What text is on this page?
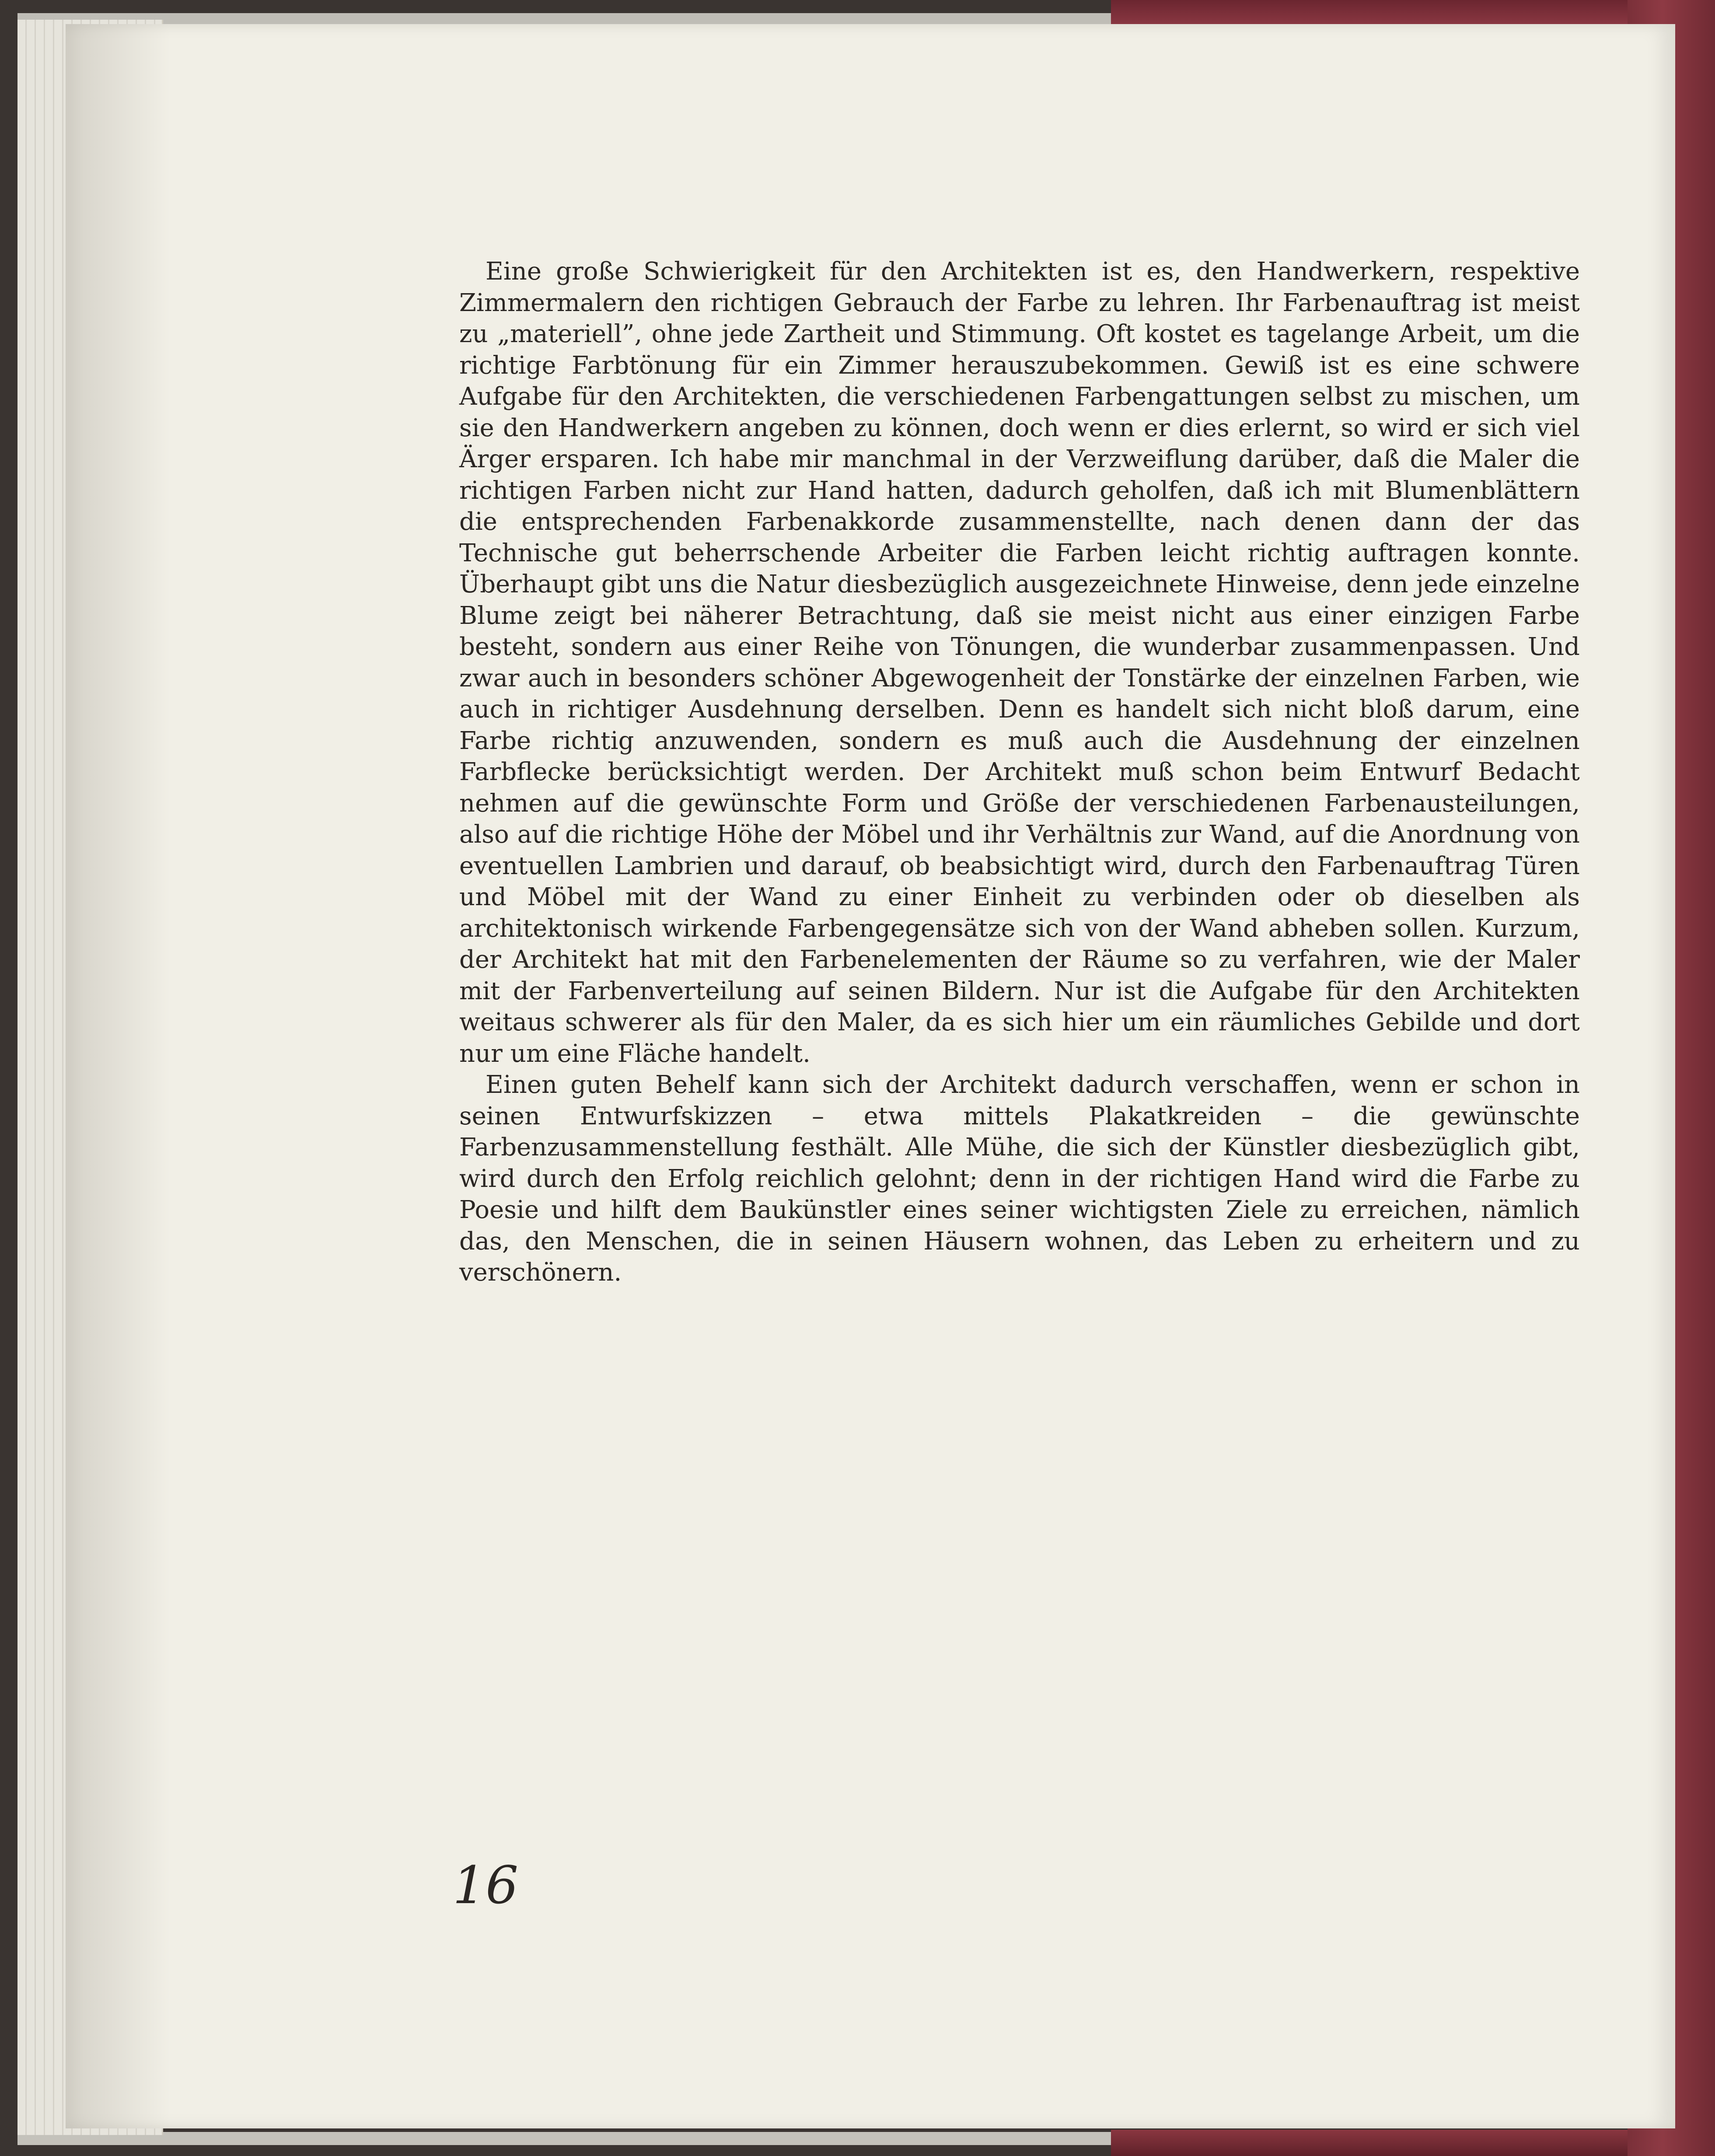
Eine große Schwierigkeit für den Architekten ist es, den Handwerkern, respektive Zimmermalern den richtigen Gebrauch der Farbe zu lehren. Ihr Farbenauftrag ist meist zu „materiell”, ohne jede Zartheit und Stimmung. Oft kostet es tagelange Arbeit, um die richtige Farbtönung für ein Zimmer herauszubekommen. Gewiß ist es eine schwere Aufgabe für den Architekten, die verschiedenen Farbengattungen selbst zu mischen, um sie den Handwerkern angeben zu können, doch wenn er dies erlernt, so wird er sich viel Ärger ersparen. Ich habe mir manchmal in der Verzweiflung darüber, daß die Maler die richtigen Farben nicht zur Hand hatten, dadurch geholfen, daß ich mit Blumenblättern die entsprechenden Farbenakkorde zusammenstellte, nach denen dann der das Technische gut beherrschende Arbeiter die Farben leicht richtig auftragen konnte. Überhaupt gibt uns die Natur diesbezüglich ausgezeichnete Hinweise, denn jede einzelne Blume zeigt bei näherer Betrachtung, daß sie meist nicht aus einer einzigen Farbe besteht, sondern aus einer Reihe von Tönungen, die wunderbar zusammenpassen. Und zwar auch in besonders schöner Abgewogenheit der Tonstärke der einzelnen Farben, wie auch in richtiger Ausdehnung derselben. Denn es handelt sich nicht bloß darum, eine Farbe richtig anzuwenden, sondern es muß auch die Ausdehnung der einzelnen Farbflecke berücksichtigt werden. Der Architekt muß schon beim Entwurf Bedacht nehmen auf die gewünschte Form und Größe der verschiedenen Farbenausteilungen, also auf die richtige Höhe der Möbel und ihr Verhältnis zur Wand, auf die Anordnung von eventuellen Lambrien und darauf, ob beabsichtigt wird, durch den Farbenauftrag Türen und Möbel mit der Wand zu einer Einheit zu verbinden oder ob dieselben als architektonisch wirkende Farbengegensätze sich von der Wand abheben sollen. Kurzum, der Architekt hat mit den Farbenelementen der Räume so zu verfahren, wie der Maler mit der Farbenverteilung auf seinen Bildern. Nur ist die Aufgabe für den Architekten weitaus schwerer als für den Maler, da es sich hier um ein räumliches Gebilde und dort nur um eine Fläche handelt.

Einen guten Behelf kann sich der Architekt dadurch verschaffen, wenn er schon in seinen Entwurfskizzen – etwa mittels Plakatkreiden – die gewünschte Farbenzusammenstellung festhält. Alle Mühe, die sich der Künstler diesbezüglich gibt, wird durch den Erfolg reichlich gelohnt; denn in der richtigen Hand wird die Farbe zu Poesie und hilft dem Baukünstler eines seiner wichtigsten Ziele zu erreichen, nämlich das, den Menschen, die in seinen Häusern wohnen, das Leben zu erheitern und zu verschönern.

16
